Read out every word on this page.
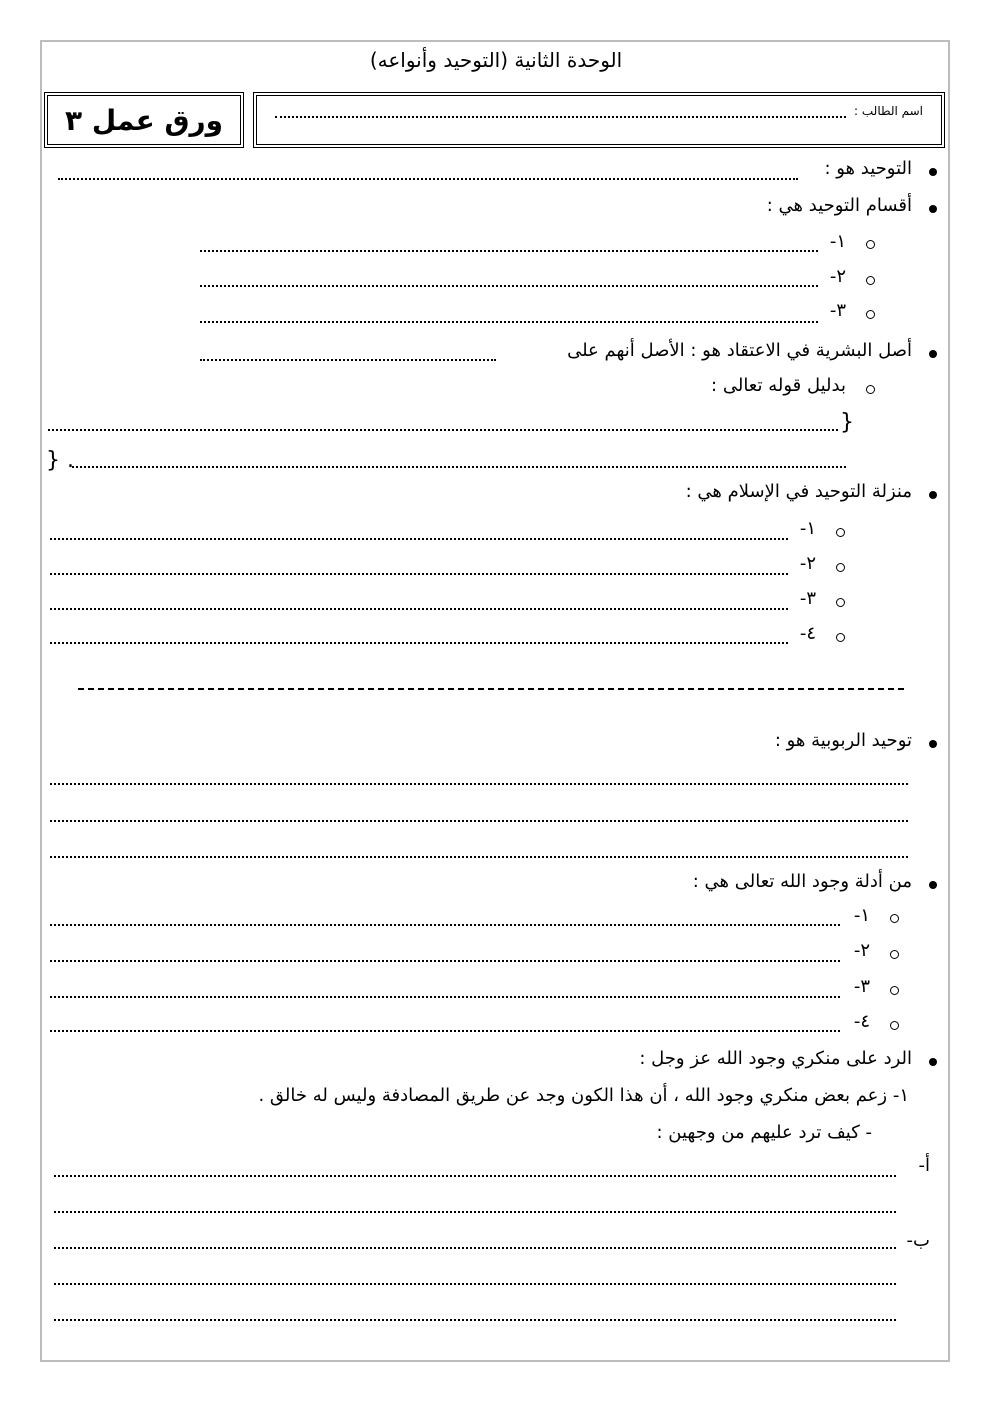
الوحدة الثانية (التوحيد وأنواعه)
ورق عمل ٣	اسم الطالب :
التوحيد هو :
أقسام التوحيد هي :
١-
٢-
٣-
أصل البشرية في الاعتقاد هو : الأصل أنهم على
بدليل قوله تعالى :
{
} .
منزلة التوحيد في الإسلام هي :
١-
٢-
٣-
٤-
توحيد الربوبية هو :
من أدلة وجود الله تعالى هي :
١-
٢-
٣-
٤-
الرد على منكري وجود الله عز وجل :
١- زعم بعض منكري وجود الله ، أن هذا الكون وجد عن طريق المصادفة وليس له خالق .
- كيف ترد عليهم من وجهين :
أ-
ب-
